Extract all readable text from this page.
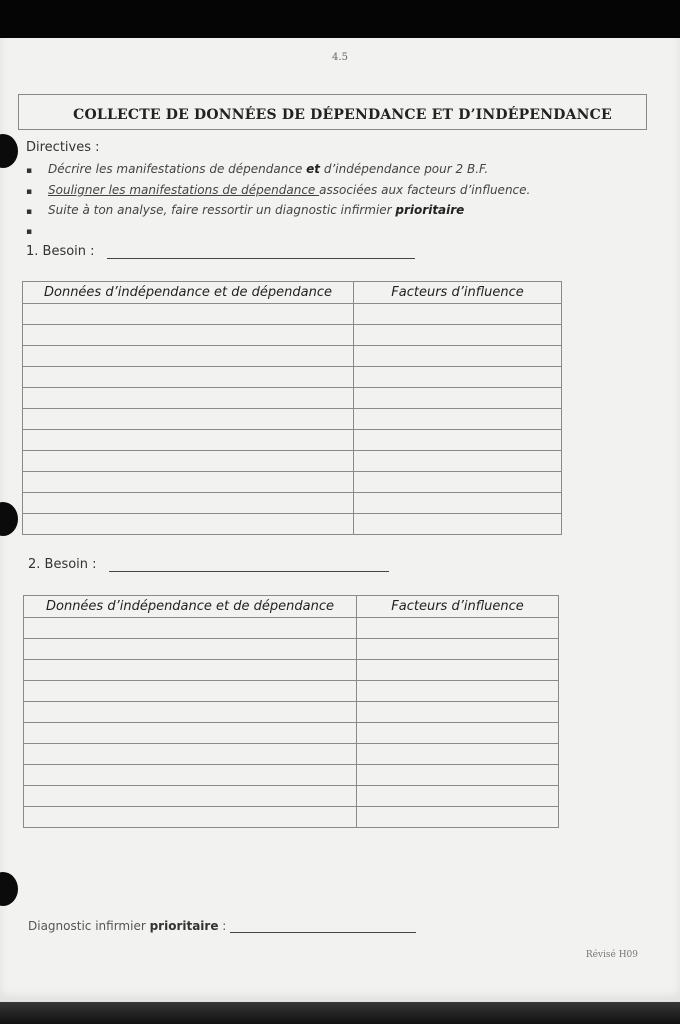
4.5
COLLECTE DE DONNÉES DE DÉPENDANCE ET D’INDÉPENDANCE
Directives :
▪ Décrire les manifestations de dépendance et d’indépendance pour 2 B.F.
▪ Souligner les manifestations de dépendance associées aux facteurs d’influence.
▪ Suite à ton analyse, faire ressortir un diagnostic infirmier prioritaire
▪
1. Besoin :
Données d’indépendance et de dépendance	Facteurs d’influence

2. Besoin :
Données d’indépendance et de dépendance	Facteurs d’influence

Diagnostic infirmier prioritaire :
Révisé H09
